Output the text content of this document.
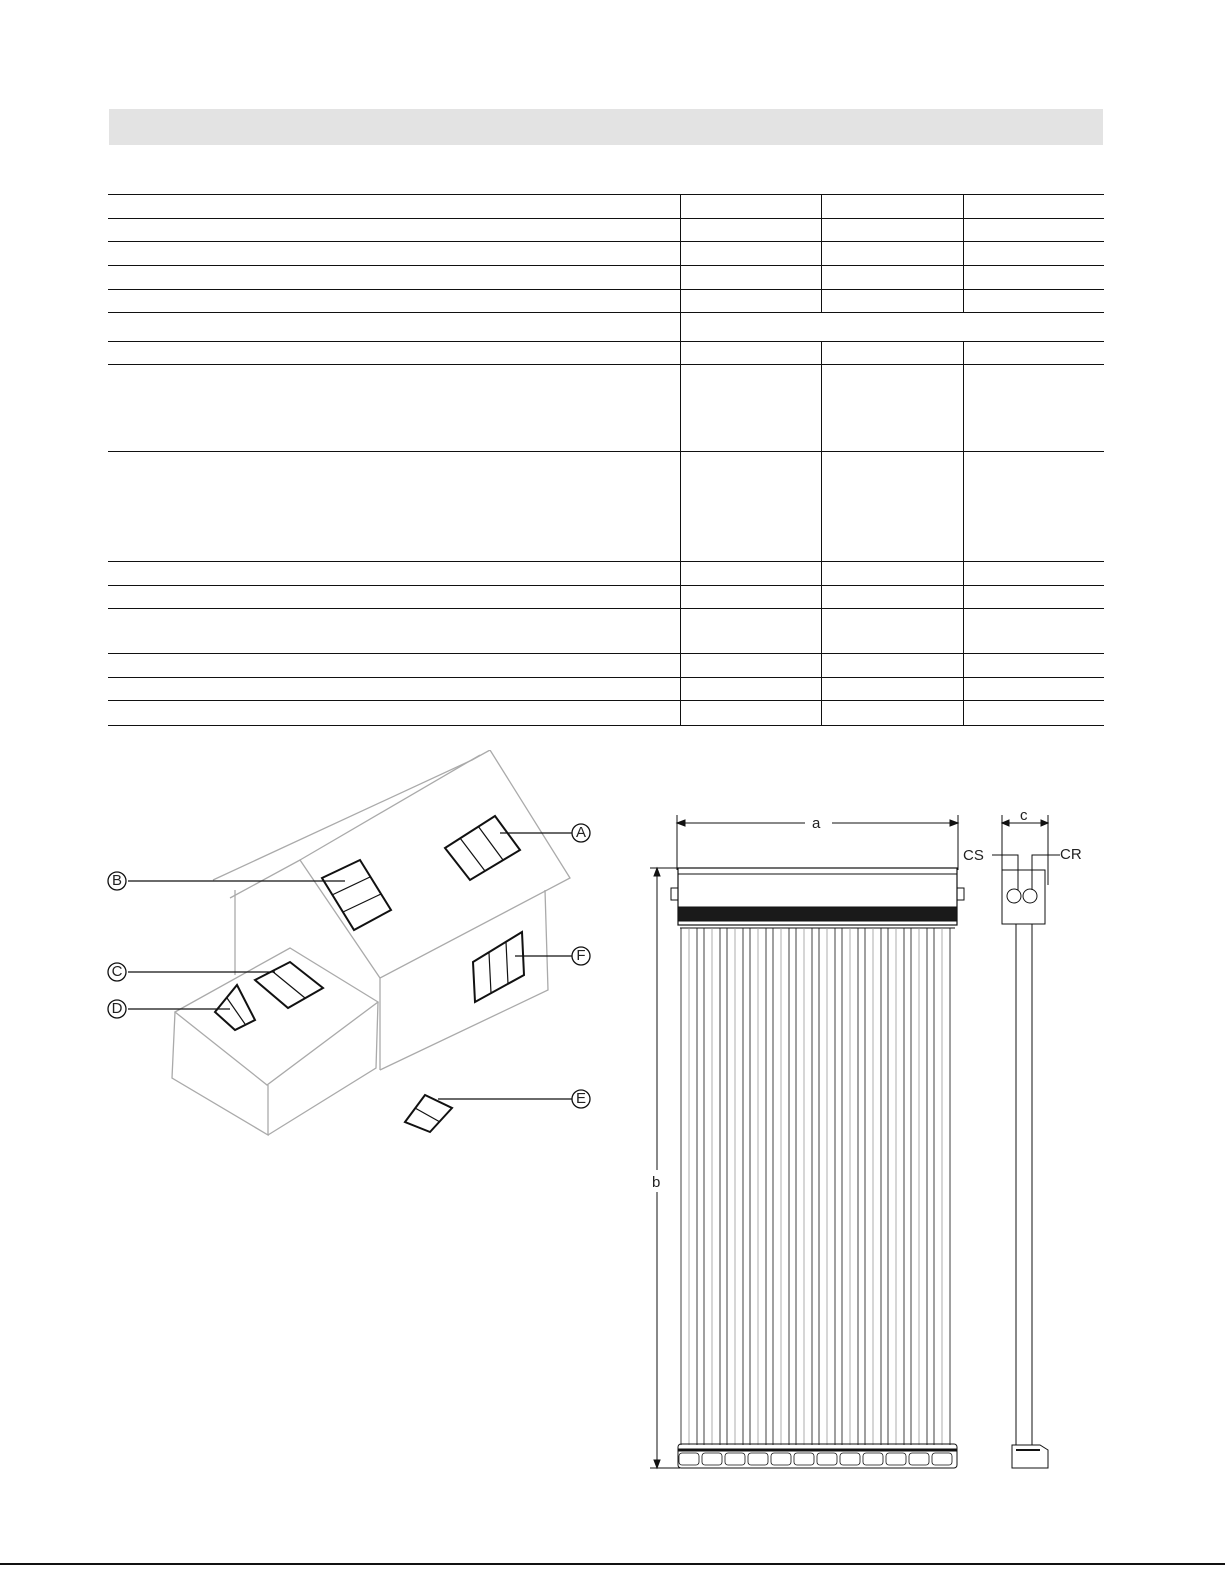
A
B
C
D
E
F
a
b
c
CS	CR
